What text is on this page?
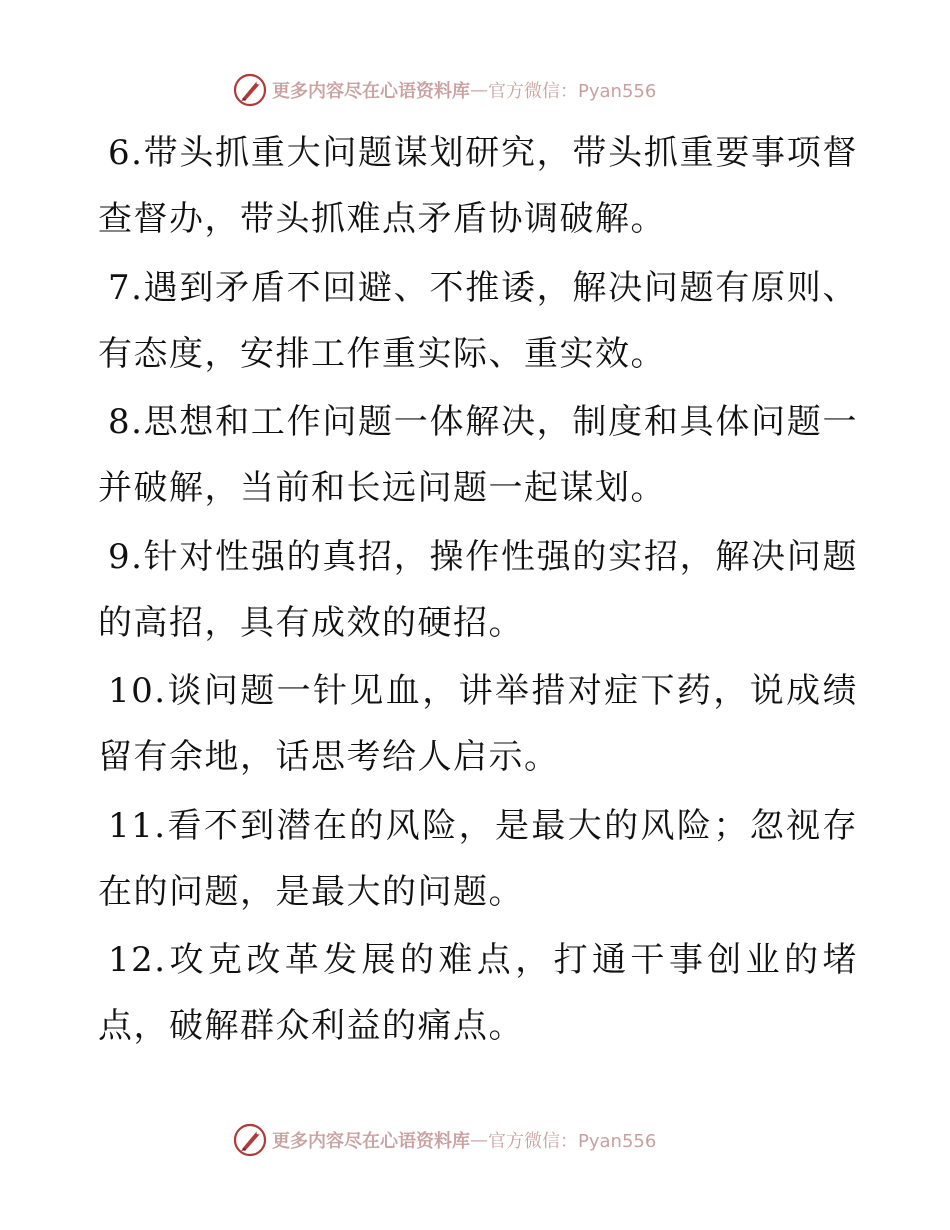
更多内容尽在心语资料库 — 官方微信：Pyan556

6.带头抓重大问题谋划研究，带头抓重要事项督查督办，带头抓难点矛盾协调破解。

7.遇到矛盾不回避、不推诿，解决问题有原则、有态度，安排工作重实际、重实效。

8.思想和工作问题一体解决，制度和具体问题一并破解，当前和长远问题一起谋划。

9.针对性强的真招，操作性强的实招，解决问题的高招，具有成效的硬招。

10.谈问题一针见血，讲举措对症下药，说成绩留有余地，话思考给人启示。

11.看不到潜在的风险，是最大的风险；忽视存在的问题，是最大的问题。

12.攻克改革发展的难点，打通干事创业的堵点，破解群众利益的痛点。

更多内容尽在心语资料库 — 官方微信：Pyan556
